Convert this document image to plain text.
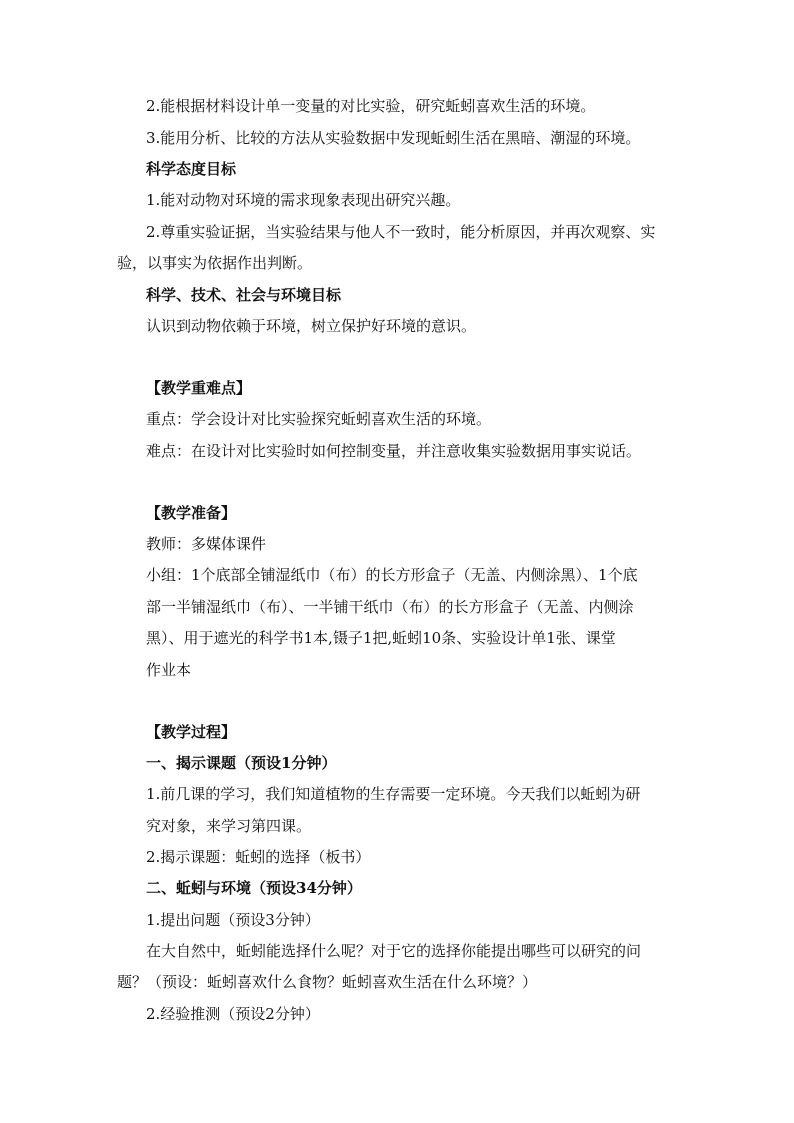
2.能根据材料设计单一变量的对比实验，研究蚯蚓喜欢生活的环境。
3.能用分析、比较的方法从实验数据中发现蚯蚓生活在黑暗、潮湿的环境。
科学态度目标
1.能对动物对环境的需求现象表现出研究兴趣。
2.尊重实验证据，当实验结果与他人不一致时，能分析原因，并再次观察、实
验，以事实为依据作出判断。
科学、技术、社会与环境目标
认识到动物依赖于环境，树立保护好环境的意识。
【教学重难点】
重点：学会设计对比实验探究蚯蚓喜欢生活的环境。
难点：在设计对比实验时如何控制变量，并注意收集实验数据用事实说话。
【教学准备】
教师：多媒体课件
小组：1个底部全铺湿纸巾（布）的长方形盒子（无盖、内侧涂黑）、1个底
部一半铺湿纸巾（布）、一半铺干纸巾（布）的长方形盒子（无盖、内侧涂
黑）、用于遮光的科学书1本,镊子1把,蚯蚓10条、实验设计单1张、课堂
作业本
【教学过程】
一、揭示课题（预设1分钟）
1.前几课的学习，我们知道植物的生存需要一定环境。今天我们以蚯蚓为研
究对象，来学习第四课。
2.揭示课题：蚯蚓的选择（板书）
二、蚯蚓与环境（预设34分钟）
1.提出问题（预设3分钟）
在大自然中，蚯蚓能选择什么呢？对于它的选择你能提出哪些可以研究的问
题？（预设：蚯蚓喜欢什么食物？蚯蚓喜欢生活在什么环境？）
2.经验推测（预设2分钟）
